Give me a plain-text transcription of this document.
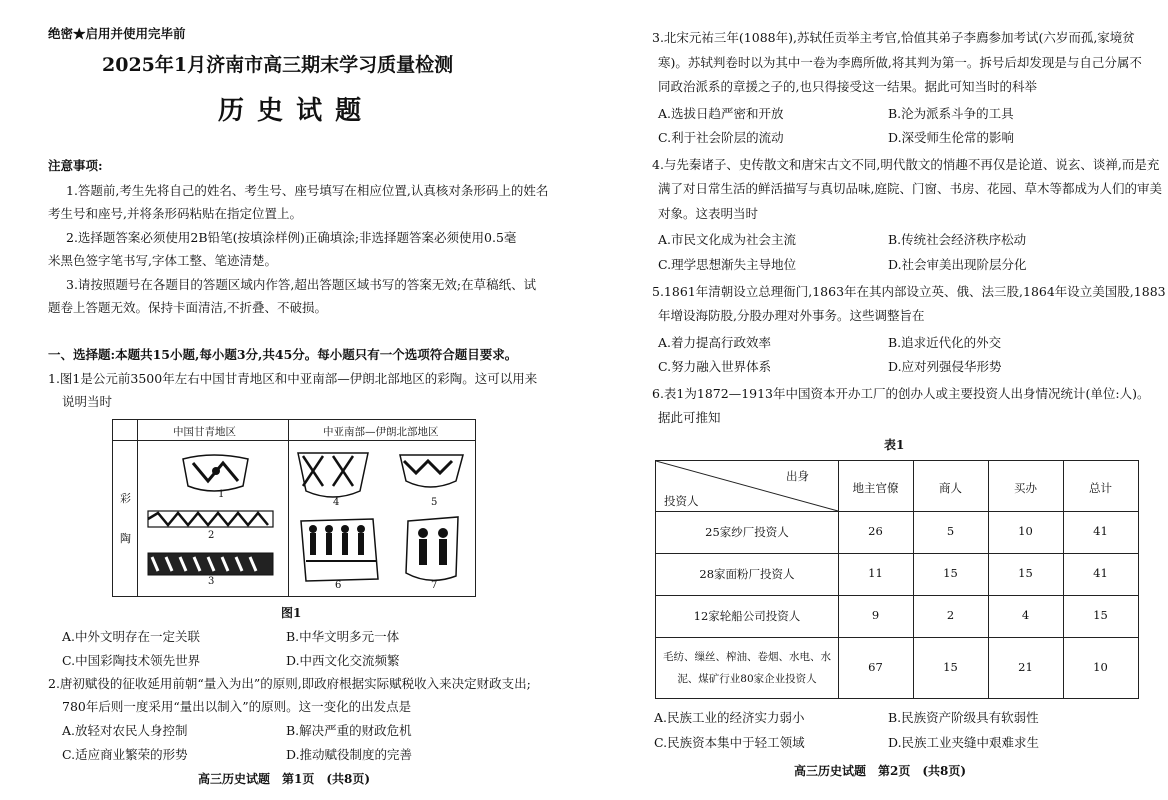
绝密★启用并使用完毕前
2025年1月济南市高三期末学习质量检测
历 史 试 题
注意事项:
1.答题前,考生先将自己的姓名、考生号、座号填写在相应位置,认真核对条形码上的姓名
考生号和座号,并将条形码粘贴在指定位置上。
2.选择题答案必须使用2B铅笔(按填涂样例)正确填涂;非选择题答案必须使用0.5毫
米黑色签字笔书写,字体工整、笔迹清楚。
3.请按照题号在各题目的答题区域内作答,超出答题区域书写的答案无效;在草稿纸、试
题卷上答题无效。保持卡面清洁,不折叠、不破损。
一、选择题:本题共15小题,每小题3分,共45分。每小题只有一个选项符合题目要求。
1.图1是公元前3500年左右中国甘青地区和中亚南部—伊朗北部地区的彩陶。这可以用来
说明当时
中国甘青地区	中亚南部—伊朗北部地区
彩
陶
1
2
3
4	5
6	7
图1
A.中外文明存在一定关联	B.中华文明多元一体
C.中国彩陶技术领先世界	D.中西文化交流频繁
2.唐初赋役的征收延用前朝“量入为出”的原则,即政府根据实际赋税收入来决定财政支出;
780年后则一度采用“量出以制入”的原则。这一变化的出发点是
A.放轻对农民人身控制	B.解决严重的财政危机
C.适应商业繁荣的形势	D.推动赋役制度的完善
高三历史试题　第1页　(共8页)
3.北宋元祐三年(1088年),苏轼任贡举主考官,恰值其弟子李廌参加考试(六岁而孤,家境贫
寒)。苏轼判卷时以为其中一卷为李廌所做,将其判为第一。拆号后却发现是与自己分属不
同政治派系的章援之子的,也只得接受这一结果。据此可知当时的科举
A.选拔日趋严密和开放	B.沦为派系斗争的工具
C.利于社会阶层的流动	D.深受师生伦常的影响
4.与先秦诸子、史传散文和唐宋古文不同,明代散文的悄趣不再仅是论道、说玄、谈禅,而是充
满了对日常生活的鲜活描写与真切品味,庭院、门窗、书房、花园、草木等都成为人们的审美
对象。这表明当时
A.市民文化成为社会主流	B.传统社会经济秩序松动
C.理学思想渐失主导地位	D.社会审美出现阶层分化
5.1861年清朝设立总理衙门,1863年在其内部设立英、俄、法三股,1864年设立美国股,1883
年增设海防股,分股办理对外事务。这些调整旨在
A.着力提高行政效率	B.追求近代化的外交
C.努力融入世界体系	D.应对列强侵华形势
6.表1为1872—1913年中国资本开办工厂的创办人或主要投资人出身情况统计(单位:人)。
据此可推知
表1
出身
投资人
地主官僚	商人	买办	总计
25家纱厂投资人	26	5	10	41
28家面粉厂投资人	11	15	15	41
12家轮船公司投资人	9	2	4	15
毛纺、缫丝、榨油、卷烟、水电、水
泥、煤矿行业80家企业投资人
67	15	21	10
A.民族工业的经济实力弱小	B.民族资产阶级具有软弱性
C.民族资本集中于轻工领域	D.民族工业夹缝中艰难求生
高三历史试题　第2页　(共8页)
